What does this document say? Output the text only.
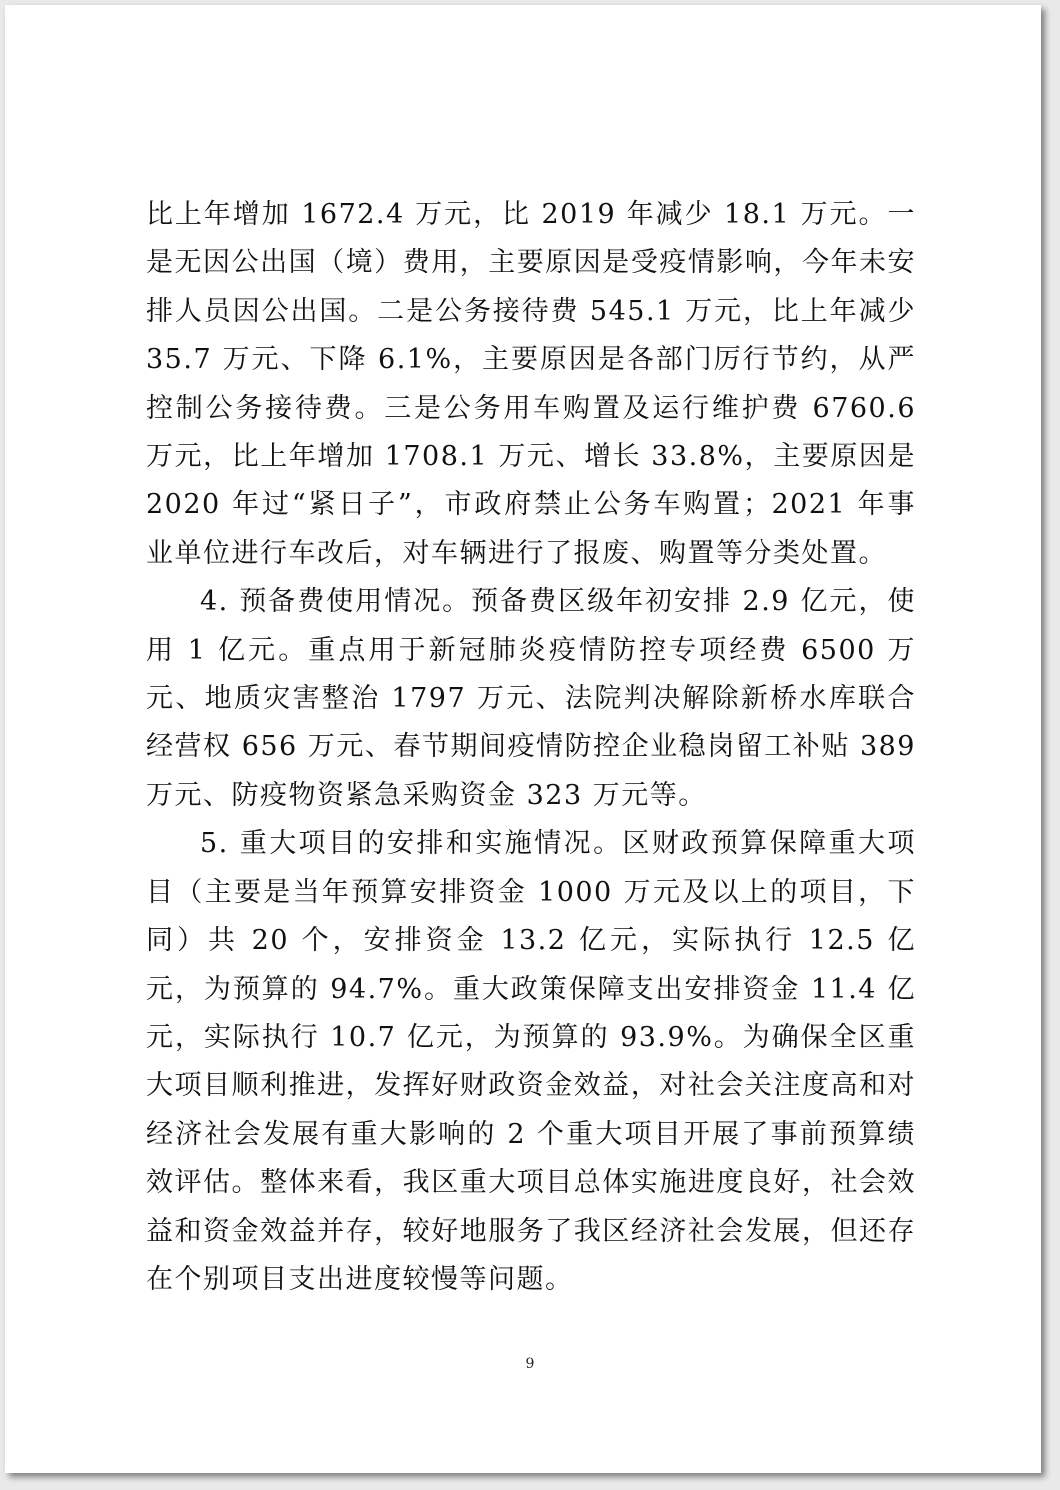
比上年增加 1672.4 万元，比 2019 年减少 18.1 万元。一是无因公出国（境）费用，主要原因是受疫情影响，今年未安排人员因公出国。二是公务接待费 545.1 万元，比上年减少 35.7 万元、下降 6.1%，主要原因是各部门厉行节约，从严控制公务接待费。三是公务用车购置及运行维护费 6760.6 万元，比上年增加 1708.1 万元、增长 33.8%，主要原因是 2020 年过“紧日子”，市政府禁止公务车购置；2021 年事业单位进行车改后，对车辆进行了报废、购置等分类处置。

4. 预备费使用情况。预备费区级年初安排 2.9 亿元，使用 1 亿元。重点用于新冠肺炎疫情防控专项经费 6500 万元、地质灾害整治 1797 万元、法院判决解除新桥水库联合经营权 656 万元、春节期间疫情防控企业稳岗留工补贴 389 万元、防疫物资紧急采购资金 323 万元等。

5. 重大项目的安排和实施情况。区财政预算保障重大项目（主要是当年预算安排资金 1000 万元及以上的项目，下同）共 20 个，安排资金 13.2 亿元，实际执行 12.5 亿元，为预算的 94.7%。重大政策保障支出安排资金 11.4 亿元，实际执行 10.7 亿元，为预算的 93.9%。为确保全区重大项目顺利推进，发挥好财政资金效益，对社会关注度高和对经济社会发展有重大影响的 2 个重大项目开展了事前预算绩效评估。整体来看，我区重大项目总体实施进度良好，社会效益和资金效益并存，较好地服务了我区经济社会发展，但还存在个别项目支出进度较慢等问题。

9
